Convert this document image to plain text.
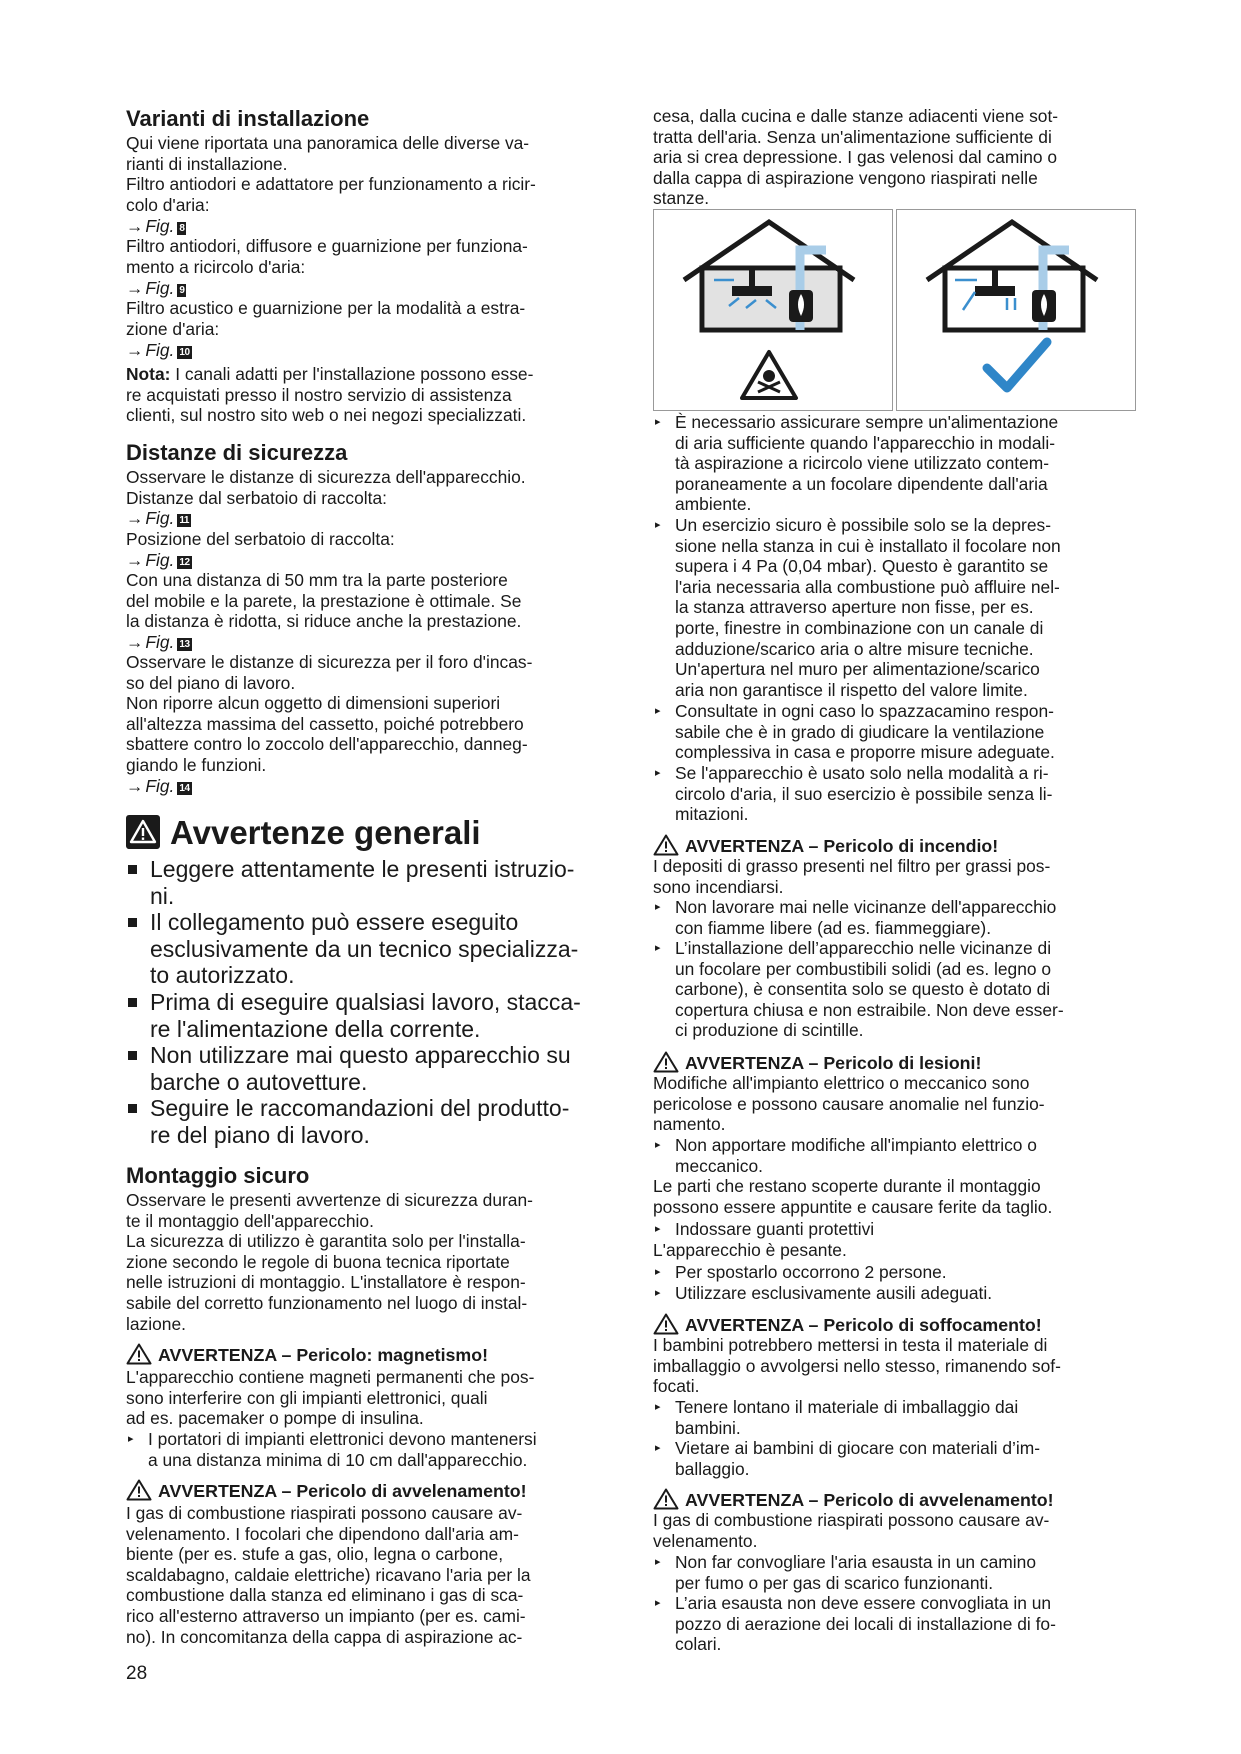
Varianti di installazione
Qui viene riportata una panoramica delle diverse va-
rianti di installazione.
Filtro antiodori e adattatore per funzionamento a ricir-
colo d'aria:
→ Fig. 8
Filtro antiodori, diffusore e guarnizione per funziona-
mento a ricircolo d'aria:
→ Fig. 9
Filtro acustico e guarnizione per la modalità a estra-
zione d'aria:
→ Fig. 10
Nota: I canali adatti per l'installazione possono esse-
re acquistati presso il nostro servizio di assistenza
clienti, sul nostro sito web o nei negozi specializzati.
Distanze di sicurezza
Osservare le distanze di sicurezza dell'apparecchio.
Distanze dal serbatoio di raccolta:
→ Fig. 11
Posizione del serbatoio di raccolta:
→ Fig. 12
Con una distanza di 50 mm tra la parte posteriore
del mobile e la parete, la prestazione è ottimale. Se
la distanza è ridotta, si riduce anche la prestazione.
→ Fig. 13
Osservare le distanze di sicurezza per il foro d'incas-
so del piano di lavoro.
Non riporre alcun oggetto di dimensioni superiori
all'altezza massima del cassetto, poiché potrebbero
sbattere contro lo zoccolo dell'apparecchio, danneg-
giando le funzioni.
→ Fig. 14
Avvertenze generali
Leggere attentamente le presenti istruzio-
ni.
Il collegamento può essere eseguito
esclusivamente da un tecnico specializza-
to autorizzato.
Prima di eseguire qualsiasi lavoro, stacca-
re l'alimentazione della corrente.
Non utilizzare mai questo apparecchio su
barche o autovetture.
Seguire le raccomandazioni del produtto-
re del piano di lavoro.
Montaggio sicuro
Osservare le presenti avvertenze di sicurezza duran-
te il montaggio dell'apparecchio.
La sicurezza di utilizzo è garantita solo per l'installa-
zione secondo le regole di buona tecnica riportate
nelle istruzioni di montaggio. L'installatore è respon-
sabile del corretto funzionamento nel luogo di instal-
lazione.
AVVERTENZA – Pericolo: magnetismo!
L'apparecchio contiene magneti permanenti che pos-
sono interferire con gli impianti elettronici, quali
ad es. pacemaker o pompe di insulina.
▸ I portatori di impianti elettronici devono mantenersi
a una distanza minima di 10 cm dall'apparecchio.
AVVERTENZA – Pericolo di avvelenamento!
I gas di combustione riaspirati possono causare av-
velenamento. I focolari che dipendono dall'aria am-
biente (per es. stufe a gas, olio, legna o carbone,
scaldabagno, caldaie elettriche) ricavano l'aria per la
combustione dalla stanza ed eliminano i gas di sca-
rico all'esterno attraverso un impianto (per es. cami-
no). In concomitanza della cappa di aspirazione ac-
cesa, dalla cucina e dalle stanze adiacenti viene sot-
tratta dell'aria. Senza un'alimentazione sufficiente di
aria si crea depressione. I gas velenosi dal camino o
dalla cappa di aspirazione vengono riaspirati nelle
stanze.
▸ È necessario assicurare sempre un'alimentazione
di aria sufficiente quando l'apparecchio in modali-
tà aspirazione a ricircolo viene utilizzato contem-
poraneamente a un focolare dipendente dall'aria
ambiente.
▸ Un esercizio sicuro è possibile solo se la depres-
sione nella stanza in cui è installato il focolare non
supera i 4 Pa (0,04 mbar). Questo è garantito se
l'aria necessaria alla combustione può affluire nel-
la stanza attraverso aperture non fisse, per es.
porte, finestre in combinazione con un canale di
adduzione/scarico aria o altre misure tecniche.
Un'apertura nel muro per alimentazione/scarico
aria non garantisce il rispetto del valore limite.
▸ Consultate in ogni caso lo spazzacamino respon-
sabile che è in grado di giudicare la ventilazione
complessiva in casa e proporre misure adeguate.
▸ Se l'apparecchio è usato solo nella modalità a ri-
circolo d'aria, il suo esercizio è possibile senza li-
mitazioni.
AVVERTENZA – Pericolo di incendio!
I depositi di grasso presenti nel filtro per grassi pos-
sono incendiarsi.
▸ Non lavorare mai nelle vicinanze dell'apparecchio
con fiamme libere (ad es. fiammeggiare).
▸ L’installazione dell’apparecchio nelle vicinanze di
un focolare per combustibili solidi (ad es. legno o
carbone), è consentita solo se questo è dotato di
copertura chiusa e non estraibile. Non deve esser-
ci produzione di scintille.
AVVERTENZA – Pericolo di lesioni!
Modifiche all'impianto elettrico o meccanico sono
pericolose e possono causare anomalie nel funzio-
namento.
▸ Non apportare modifiche all'impianto elettrico o
meccanico.
Le parti che restano scoperte durante il montaggio
possono essere appuntite e causare ferite da taglio.
▸ Indossare guanti protettivi
L'apparecchio è pesante.
▸ Per spostarlo occorrono 2 persone.
▸ Utilizzare esclusivamente ausili adeguati.
AVVERTENZA – Pericolo di soffocamento!
I bambini potrebbero mettersi in testa il materiale di
imballaggio o avvolgersi nello stesso, rimanendo sof-
focati.
▸ Tenere lontano il materiale di imballaggio dai
bambini.
▸ Vietare ai bambini di giocare con materiali d’im-
ballaggio.
AVVERTENZA – Pericolo di avvelenamento!
I gas di combustione riaspirati possono causare av-
velenamento.
▸ Non far convogliare l'aria esausta in un camino
per fumo o per gas di scarico funzionanti.
▸ L’aria esausta non deve essere convogliata in un
pozzo di aerazione dei locali di installazione di fo-
colari.
28
